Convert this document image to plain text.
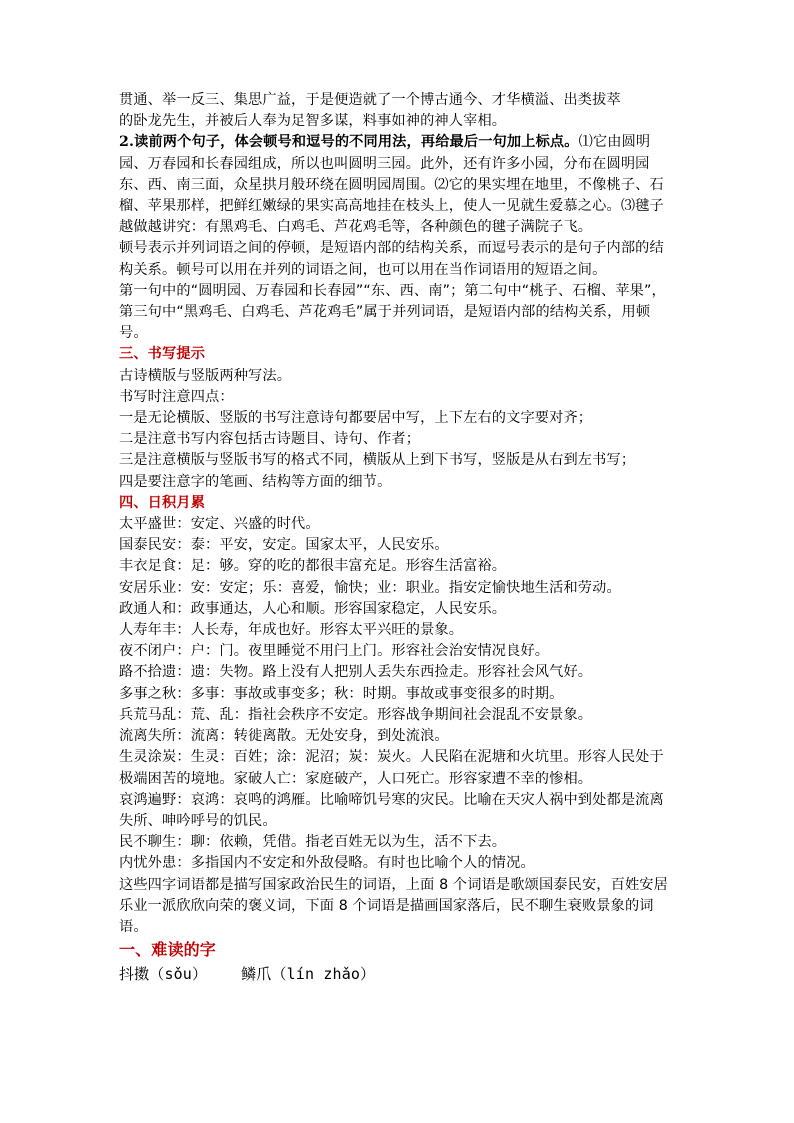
贯通、举一反三、集思广益，于是便造就了一个博古通今、才华横溢、出类拔萃

的卧龙先生，并被后人奉为足智多谋，料事如神的神人宰相。

2.读前两个句子，体会顿号和逗号的不同用法，再给最后一句加上标点。⑴它由圆明园、万春园和长春园组成，所以也叫圆明三园。此外，还有许多小园，分布在圆明园东、西、南三面，众星拱月般环绕在圆明园周围。⑵它的果实埋在地里，不像桃子、石榴、苹果那样，把鲜红嫩绿的果实高高地挂在枝头上，使人一见就生爱慕之心。⑶毽子越做越讲究：有黑鸡毛、白鸡毛、芦花鸡毛等，各种颜色的毽子满院子飞。

顿号表示并列词语之间的停顿，是短语内部的结构关系，而逗号表示的是句子内部的结构关系。顿号可以用在并列的词语之间，也可以用在当作词语用的短语之间。

第一句中的“圆明园、万春园和长春园”“东、西、南”；第二句中“桃子、石榴、苹果”，第三句中“黑鸡毛、白鸡毛、芦花鸡毛”属于并列词语，是短语内部的结构关系，用顿号。

三、书写提示

古诗横版与竖版两种写法。

书写时注意四点：

一是无论横版、竖版的书写注意诗句都要居中写，上下左右的文字要对齐；

二是注意书写内容包括古诗题目、诗句、作者；

三是注意横版与竖版书写的格式不同，横版从上到下书写，竖版是从右到左书写；

四是要注意字的笔画、结构等方面的细节。

四、日积月累

太平盛世：安定、兴盛的时代。

国泰民安：泰：平安，安定。国家太平，人民安乐。

丰衣足食：足：够。穿的吃的都很丰富充足。形容生活富裕。

安居乐业：安：安定；乐：喜爱，愉快；业：职业。指安定愉快地生活和劳动。

政通人和：政事通达，人心和顺。形容国家稳定，人民安乐。

人寿年丰：人长寿，年成也好。形容太平兴旺的景象。

夜不闭户：户：门。夜里睡觉不用闩上门。形容社会治安情况良好。

路不拾遗：遗：失物。路上没有人把别人丢失东西捡走。形容社会风气好。

多事之秋：多事：事故或事变多；秋：时期。事故或事变很多的时期。

兵荒马乱：荒、乱：指社会秩序不安定。形容战争期间社会混乱不安景象。

流离失所：流离：转徙离散。无处安身，到处流浪。

生灵涂炭：生灵：百姓；涂：泥沼；炭：炭火。人民陷在泥塘和火坑里。形容人民处于极端困苦的境地。家破人亡：家庭破产，人口死亡。形容家遭不幸的惨相。

哀鸿遍野：哀鸿：哀鸣的鸿雁。比喻啼饥号寒的灾民。比喻在天灾人祸中到处都是流离失所、呻吟呼号的饥民。

民不聊生：聊：依赖，凭借。指老百姓无以为生，活不下去。

内忧外患：多指国内不安定和外敌侵略。有时也比喻个人的情况。

这些四字词语都是描写国家政治民生的词语，上面 8 个词语是歌颂国泰民安，百姓安居乐业一派欣欣向荣的褒义词，下面 8 个词语是描画国家落后，民不聊生衰败景象的词语。

一、难读的字

抖擞（sǒu） 鳞爪（lín zhǎo）
